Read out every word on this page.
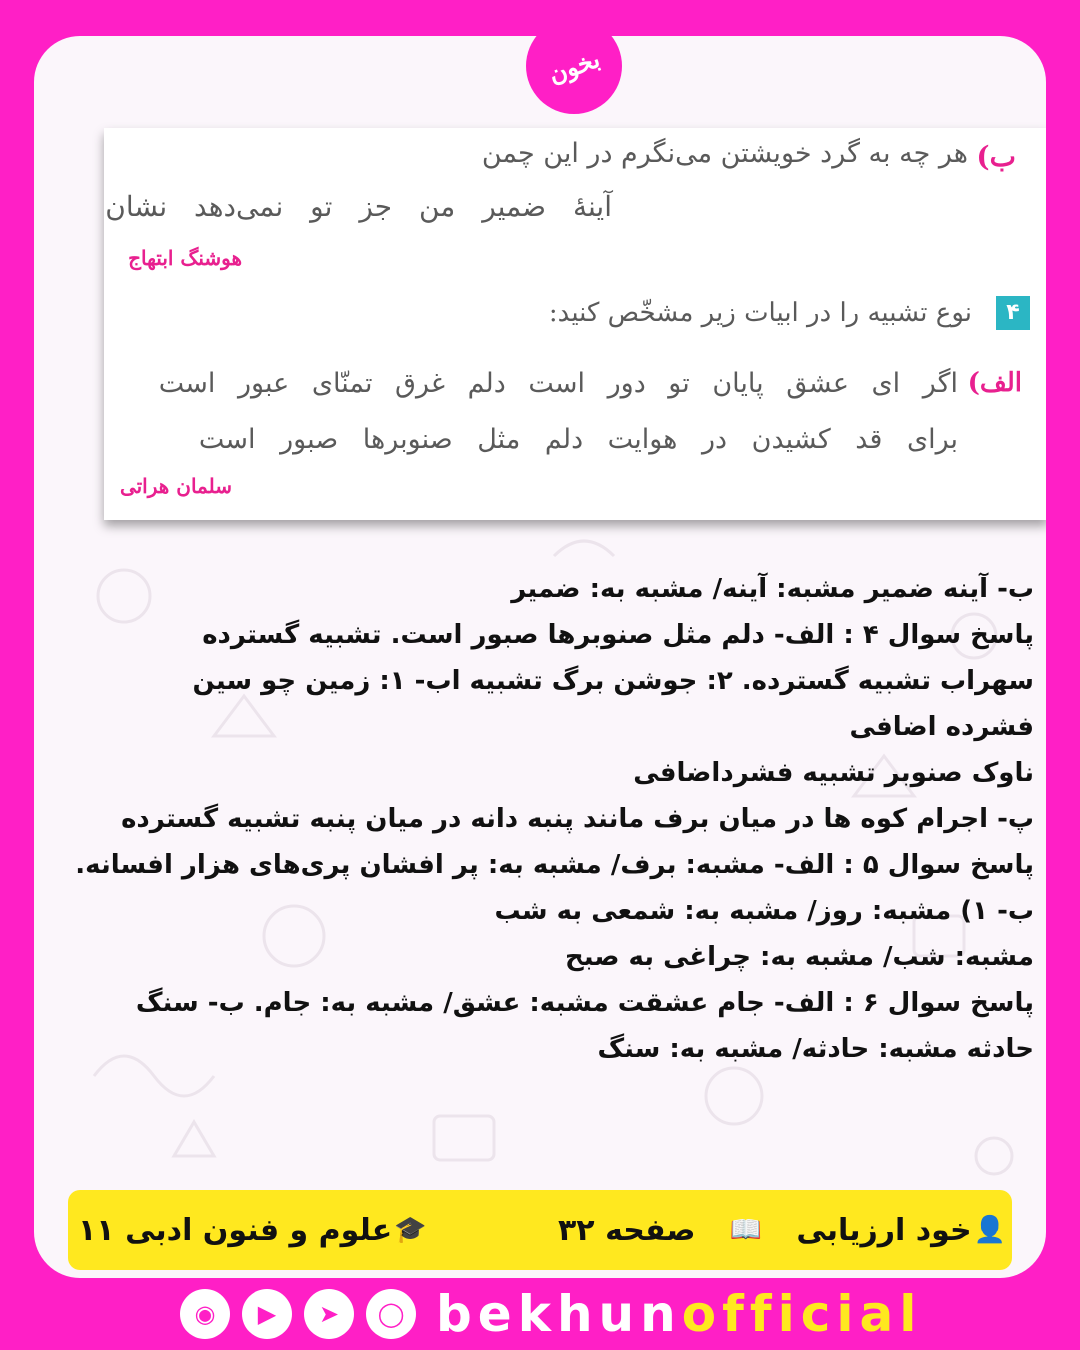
ب)
هر چه به گرد خویشتن می‌نگرم در این چمن
آینهٔ ضمیر من جز تو نمی‌دهد نشان
هوشنگ ابتهاج
۴
نوع تشبیه را در ابیات زیر مشخّص کنید:
الف)
اگر ای عشق پایان تو دور است دلم غرق تمنّای عبور است
برای قد کشیدن در هوایت دلم مثل صنوبرها صبور است
سلمان هراتی
بخون
ب- آینه ضمیر مشبه: آینه/ مشبه به: ضمیر
پاسخ سوال ۴ : الف- دلم مثل صنوبرها صبور است. تشبیه گسترده
سهراب تشبیه گسترده. ۲: جوشن برگ تشبیه اب- ۱: زمین چو سین
فشرده اضافی
ناوک صنوبر تشبیه فشرداضافی
پ- اجرام کوه ها در میان برف مانند پنبه دانه در میان پنبه تشبیه گسترده
پاسخ سوال ۵ : الف- مشبه: برف/ مشبه به: پر افشان پری‌های هزار افسانه.
ب- ۱) مشبه: روز/ مشبه به: شمعی به شب
مشبه: شب/ مشبه به: چراغی به صبح
پاسخ سوال ۶ : الف- جام عشقت مشبه: عشق/ مشبه به: جام. ب- سنگ
حادثه مشبه: حادثه/ مشبه به: سنگ
👤
خود ارزیابی
📖
صفحه ۳۲
🎓
علوم و فنون ادبی ۱۱
◉	▶	➤	◯ bekhunofficial
